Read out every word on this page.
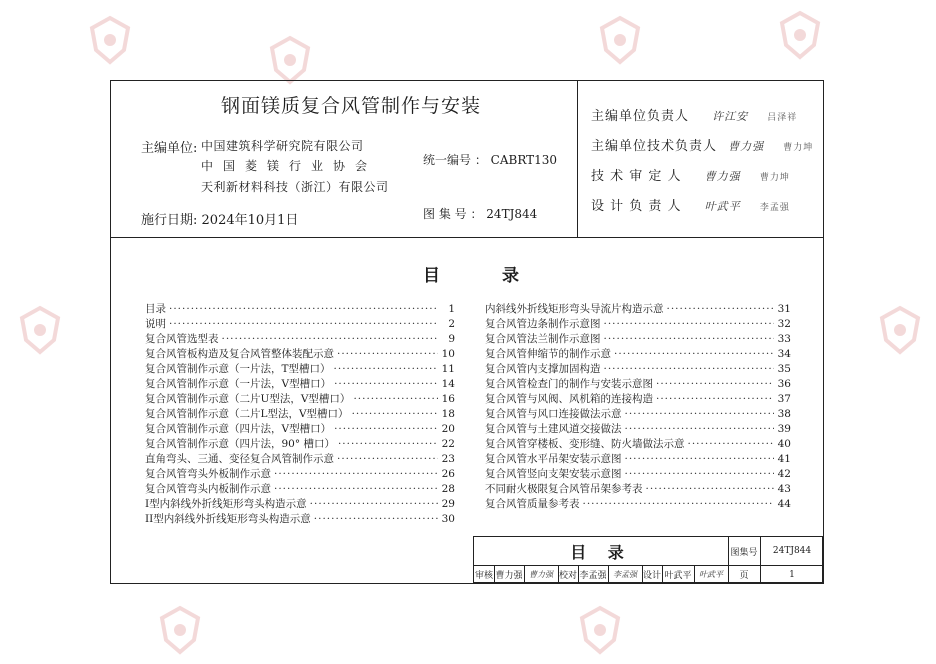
钢面镁质复合风管制作与安装
主编单位: 中国建筑科学研究院有限公司
中国菱镁行业协会
天利新材料科技（浙江）有限公司
施行日期: 2024年10月1日
统一编号 ： CABRT130
图 集 号 ： 24TJ844
主编单位负责人 许江安 吕泽祥
主编单位技术负责人 曹力强 曹力坤
技 术 审 定 人 曹力强 曹力坤
设 计 负 责 人 叶武平 李孟强
目	录
目录 ·····	1
说明 ·····	2
复合风管选型表 ·····	9
复合风管板构造及复合风管整体装配示意 ·····	10
复合风管制作示意（一片法，T型槽口） ·····	11
复合风管制作示意（一片法，V型槽口） ·····	14
复合风管制作示意（二片U型法，V型槽口） ·····	16
复合风管制作示意（二片L型法，V型槽口） ·····	18
复合风管制作示意（四片法，V型槽口） ·····	20
复合风管制作示意（四片法，90° 槽口） ·····	22
直角弯头、三通、变径复合风管制作示意 ·····	23
复合风管弯头外板制作示意 ·····	26
复合风管弯头内板制作示意 ·····	28
I型内斜线外折线矩形弯头构造示意 ·····	29
II型内斜线外折线矩形弯头构造示意 ·····	30
内斜线外折线矩形弯头导流片构造示意 ·····	31
复合风管边条制作示意图 ·····	32
复合风管法兰制作示意图 ·····	33
复合风管伸缩节的制作示意 ·····	34
复合风管内支撑加固构造 ·····	35
复合风管检查门的制作与安装示意图 ·····	36
复合风管与风阀、风机箱的连接构造 ·····	37
复合风管与风口连接做法示意 ·····	38
复合风管与土建风道交接做法 ·····	39
复合风管穿楼板、变形缝、防火墙做法示意 ·····	40
复合风管水平吊架安装示意图 ·····	41
复合风管竖向支架安装示意图 ·····	42
不同耐火极限复合风管吊架参考表 ·····	43
复合风管质量参考表 ·····	44
目 录	图集号	24TJ844
审核 曹力强 曹力强 校对 李孟强 李孟强 设计 叶武平 叶武平	页	1
